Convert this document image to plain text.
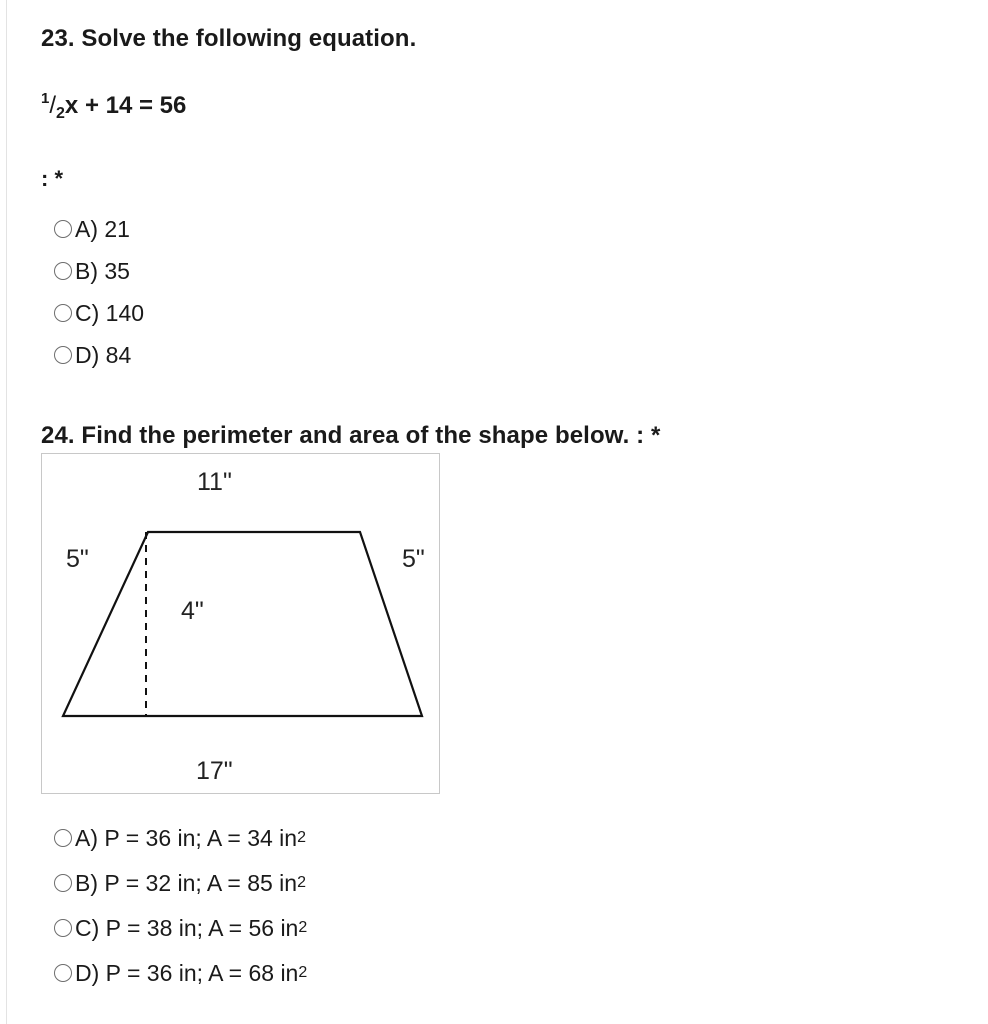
23. Solve the following equation.
$^1/_2x + 14 = 56$
: *
A) 21
B) 35
C) 140
D) 84
24. Find the perimeter and area of the shape below. : *
11"
5"	5"
4"
17"
A) P = 36 in; A = 34 in 2
B) P = 32 in; A = 85 in 2
C) P = 38 in; A = 56 in 2
D) P = 36 in; A = 68 in 2
